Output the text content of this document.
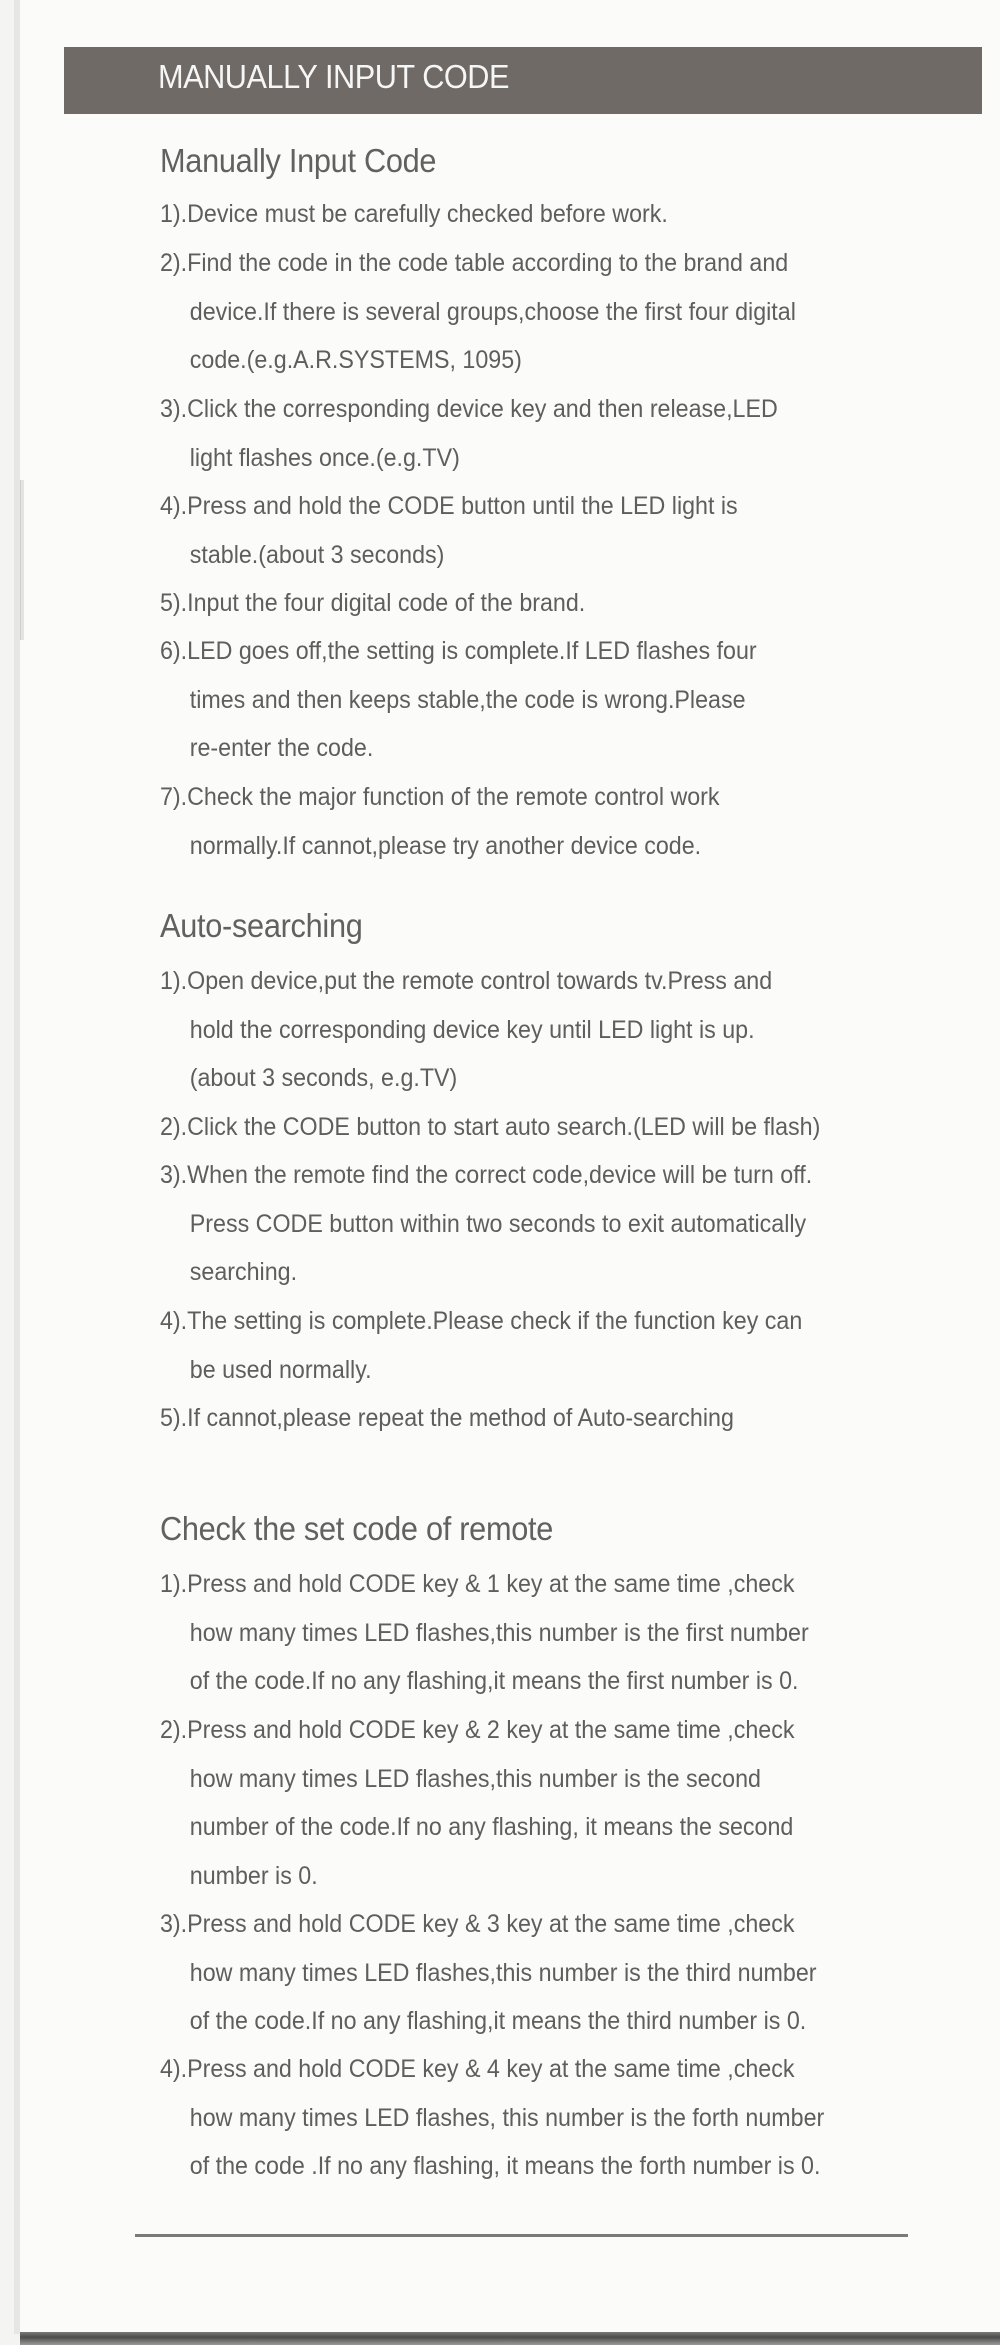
MANUALLY INPUT CODE
Manually Input Code
1).Device must be carefully checked before work.
2).Find the code in the code table according to the brand and
device.If there is several groups,choose the first four digital
code.(e.g.A.R.SYSTEMS, 1095)
3).Click the corresponding device key and then release,LED
light flashes once.(e.g.TV)
4).Press and hold the CODE button until the LED light is
stable.(about 3 seconds)
5).Input the four digital code of the brand.
6).LED goes off,the setting is complete.If LED flashes four
times and then keeps stable,the code is wrong.Please
re-enter the code.
7).Check the major function of the remote control work
normally.If cannot,please try another device code.
Auto-searching
1).Open device,put the remote control towards tv.Press and
hold the corresponding device key until LED light is up.
(about 3 seconds, e.g.TV)
2).Click the CODE button to start auto search.(LED will be flash)
3).When the remote find the correct code,device will be turn off.
Press CODE button within two seconds to exit automatically
searching.
4).The setting is complete.Please check if the function key can
be used normally.
5).If cannot,please repeat the method of Auto-searching
Check the set code of remote
1).Press and hold CODE key & 1 key at the same time ,check
how many times LED flashes,this number is the first number
of the code.If no any flashing,it means the first number is 0.
2).Press and hold CODE key & 2 key at the same time ,check
how many times LED flashes,this number is the second
number of the code.If no any flashing, it means the second
number is 0.
3).Press and hold CODE key & 3 key at the same time ,check
how many times LED flashes,this number is the third number
of the code.If no any flashing,it means the third number is 0.
4).Press and hold CODE key & 4 key at the same time ,check
how many times LED flashes, this number is the forth number
of the code .If no any flashing, it means the forth number is 0.
